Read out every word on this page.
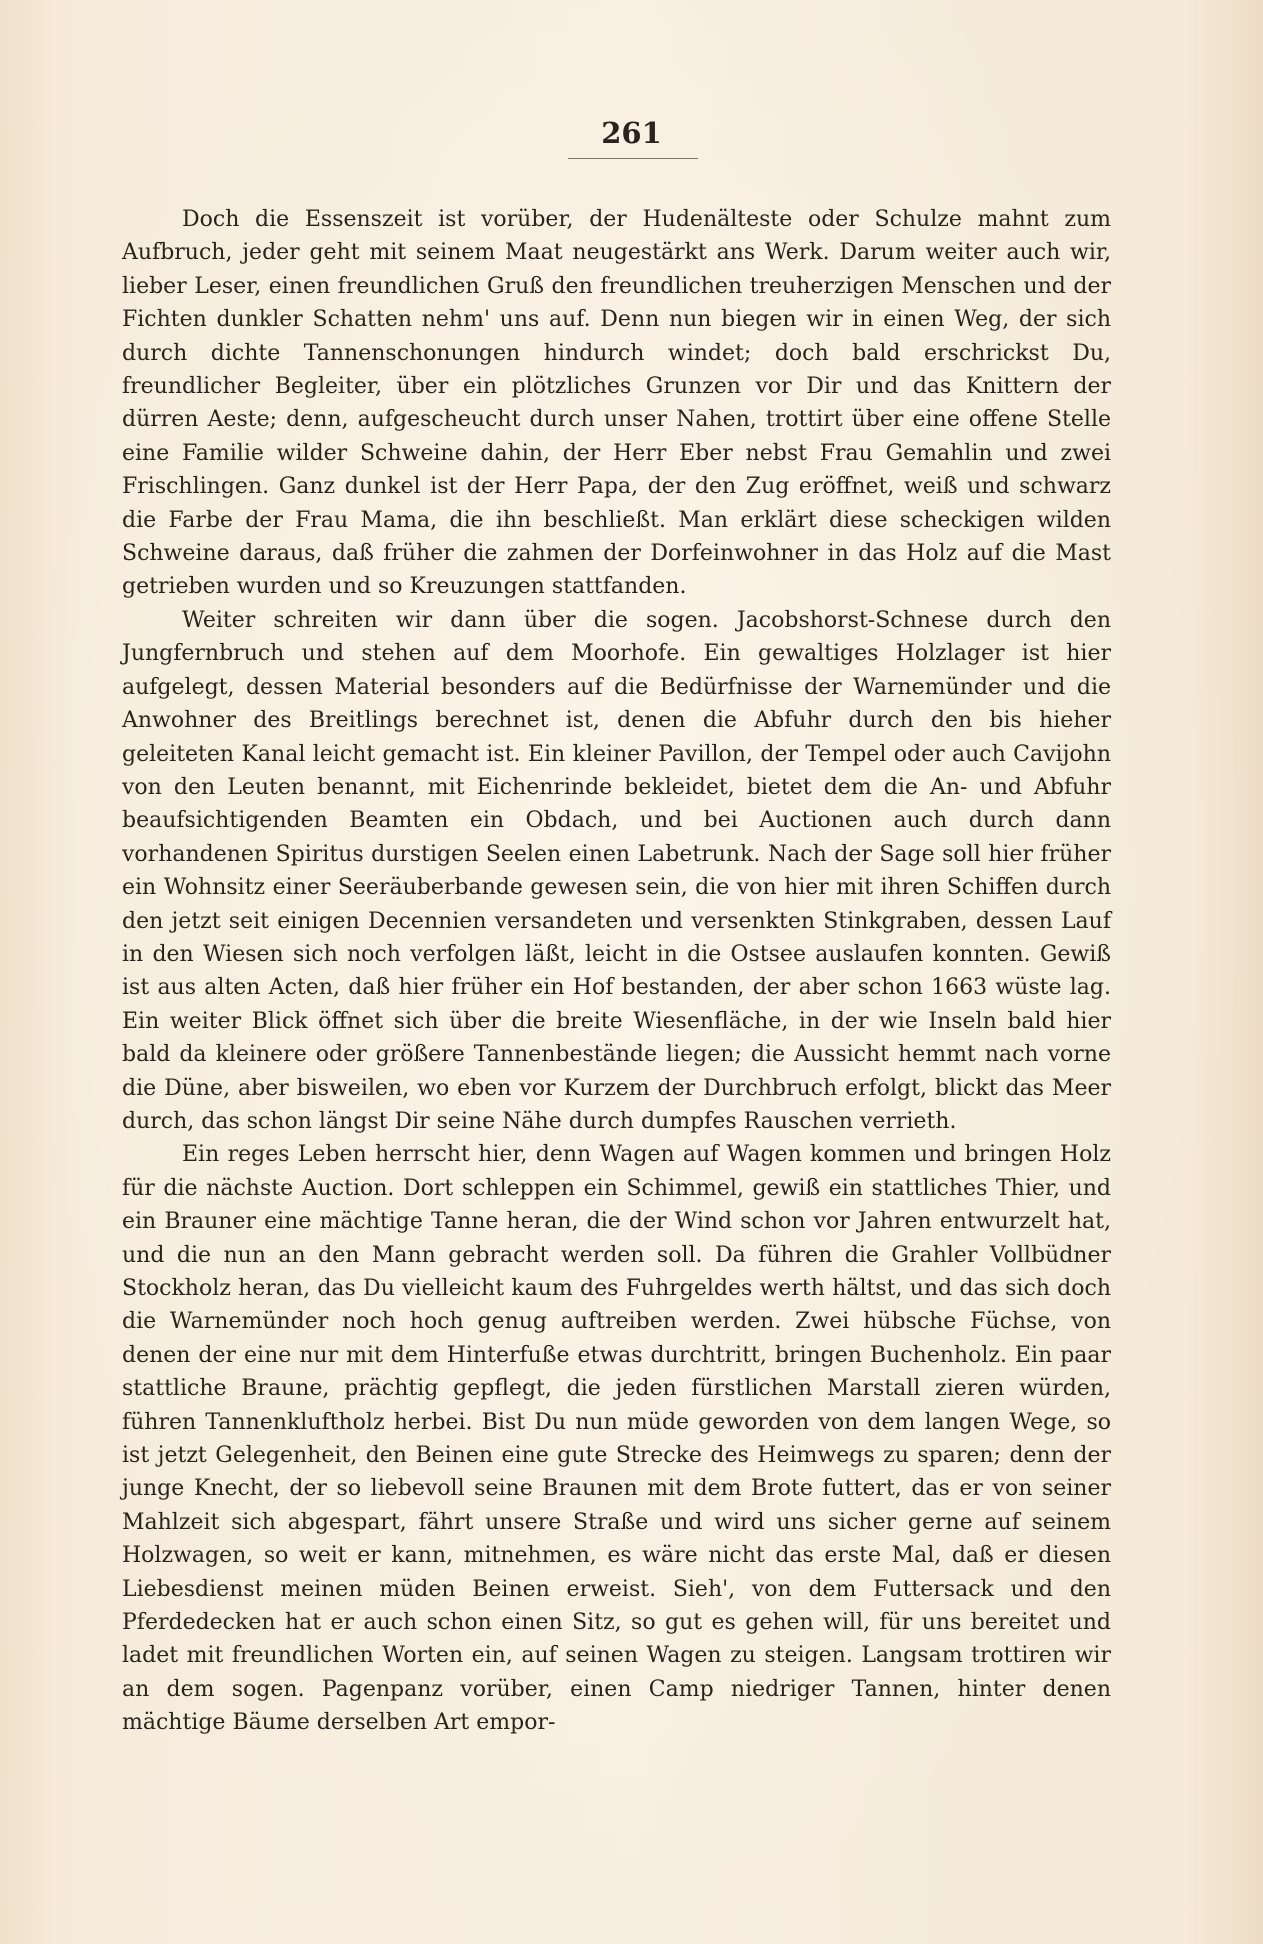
261

Doch die Essenszeit ist vorüber, der Hudenälteste oder Schulze mahnt zum Aufbruch, jeder geht mit seinem Maat neugestärkt ans Werk. Darum weiter auch wir, lieber Leser, einen freundlichen Gruß den freundlichen treuherzigen Menschen und der Fichten dunkler Schatten nehm' uns auf. Denn nun biegen wir in einen Weg, der sich durch dichte Tannenschonungen hindurch windet; doch bald erschrickst Du, freundlicher Begleiter, über ein plötzliches Grunzen vor Dir und das Knittern der dürren Aeste; denn, aufgescheucht durch unser Nahen, trottirt über eine offene Stelle eine Familie wilder Schweine dahin, der Herr Eber nebst Frau Gemahlin und zwei Frischlingen. Ganz dunkel ist der Herr Papa, der den Zug eröffnet, weiß und schwarz die Farbe der Frau Mama, die ihn beschließt. Man erklärt diese scheckigen wilden Schweine daraus, daß früher die zahmen der Dorfeinwohner in das Holz auf die Mast getrieben wurden und so Kreuzungen stattfanden.

Weiter schreiten wir dann über die sogen. Jacobshorst-Schnese durch den Jungfernbruch und stehen auf dem Moorhofe. Ein gewaltiges Holzlager ist hier aufgelegt, dessen Material besonders auf die Bedürfnisse der Warnemünder und die Anwohner des Breitlings berechnet ist, denen die Abfuhr durch den bis hieher geleiteten Kanal leicht gemacht ist. Ein kleiner Pavillon, der Tempel oder auch Cavijohn von den Leuten benannt, mit Eichenrinde bekleidet, bietet dem die An- und Abfuhr beaufsichtigenden Beamten ein Obdach, und bei Auctionen auch durch dann vorhandenen Spiritus durstigen Seelen einen Labetrunk. Nach der Sage soll hier früher ein Wohnsitz einer Seeräuberbande gewesen sein, die von hier mit ihren Schiffen durch den jetzt seit einigen Decennien versandeten und versenkten Stinkgraben, dessen Lauf in den Wiesen sich noch verfolgen läßt, leicht in die Ostsee auslaufen konnten. Gewiß ist aus alten Acten, daß hier früher ein Hof bestanden, der aber schon 1663 wüste lag. Ein weiter Blick öffnet sich über die breite Wiesenfläche, in der wie Inseln bald hier bald da kleinere oder größere Tannenbestände liegen; die Aussicht hemmt nach vorne die Düne, aber bisweilen, wo eben vor Kurzem der Durchbruch erfolgt, blickt das Meer durch, das schon längst Dir seine Nähe durch dumpfes Rauschen verrieth.

Ein reges Leben herrscht hier, denn Wagen auf Wagen kommen und bringen Holz für die nächste Auction. Dort schleppen ein Schimmel, gewiß ein stattliches Thier, und ein Brauner eine mächtige Tanne heran, die der Wind schon vor Jahren entwurzelt hat, und die nun an den Mann gebracht werden soll. Da führen die Grahler Vollbüdner Stockholz heran, das Du vielleicht kaum des Fuhrgeldes werth hältst, und das sich doch die Warnemünder noch hoch genug auftreiben werden. Zwei hübsche Füchse, von denen der eine nur mit dem Hinterfuße etwas durchtritt, bringen Buchenholz. Ein paar stattliche Braune, prächtig gepflegt, die jeden fürstlichen Marstall zieren würden, führen Tannenkluftholz herbei. Bist Du nun müde geworden von dem langen Wege, so ist jetzt Gelegenheit, den Beinen eine gute Strecke des Heimwegs zu sparen; denn der junge Knecht, der so liebevoll seine Braunen mit dem Brote futtert, das er von seiner Mahlzeit sich abgespart, fährt unsere Straße und wird uns sicher gerne auf seinem Holzwagen, so weit er kann, mitnehmen, es wäre nicht das erste Mal, daß er diesen Liebesdienst meinen müden Beinen erweist. Sieh', von dem Futtersack und den Pferdedecken hat er auch schon einen Sitz, so gut es gehen will, für uns bereitet und ladet mit freundlichen Worten ein, auf seinen Wagen zu steigen. Langsam trottiren wir an dem sogen. Pagenpanz vorüber, einen Camp niedriger Tannen, hinter denen mächtige Bäume derselben Art empor-
